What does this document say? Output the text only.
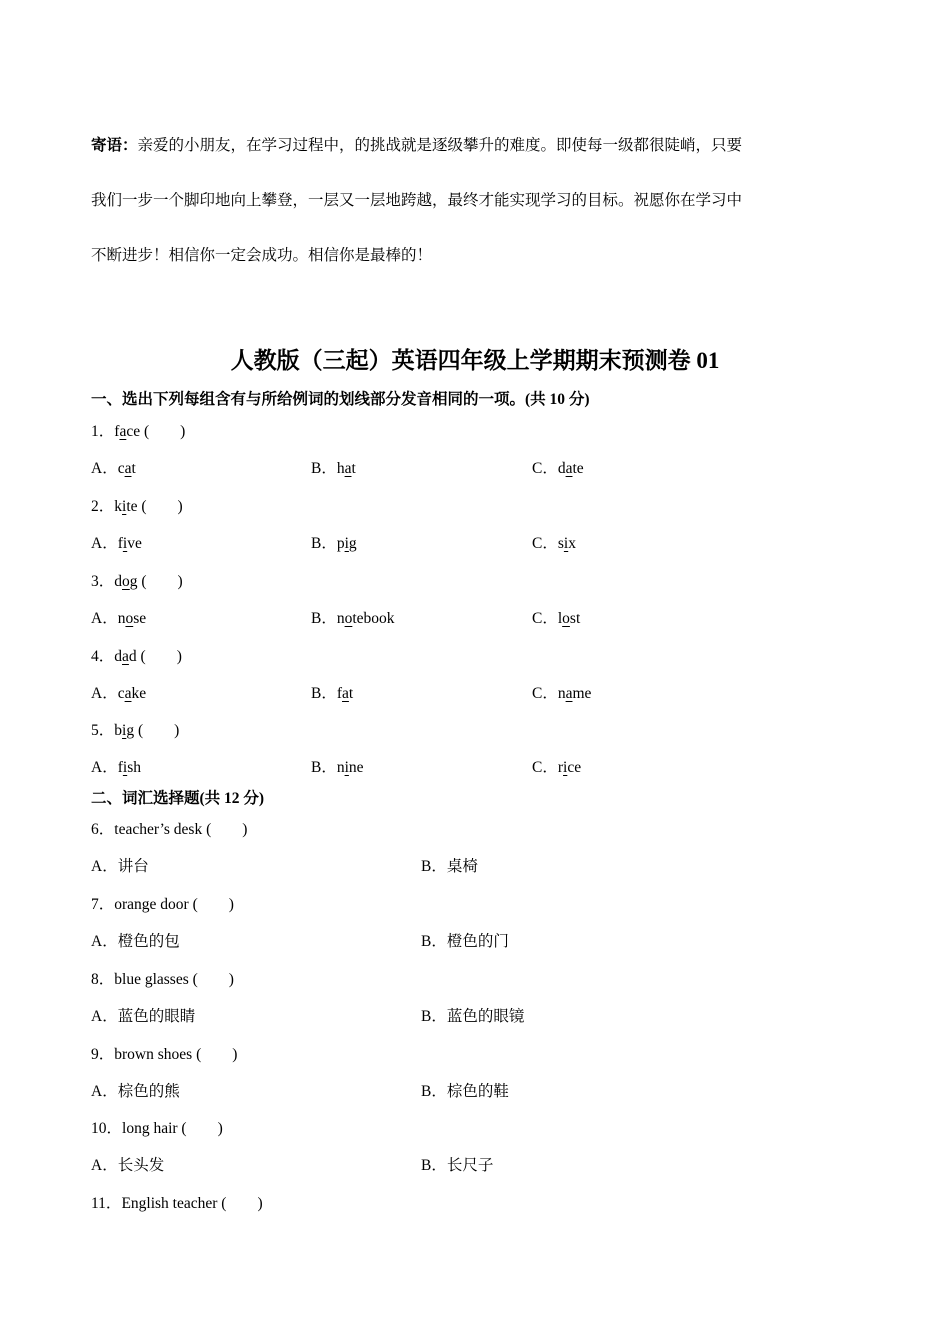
寄语：亲爱的小朋友，在学习过程中，的挑战就是逐级攀升的难度。即使每一级都很陡峭，只要
我们一步一个脚印地向上攀登，一层又一层地跨越，最终才能实现学习的目标。祝愿你在学习中
不断进步！相信你一定会成功。相信你是最棒的！
人教版（三起）英语四年级上学期期末预测卷 01
一、选出下列每组含有与所给例词的划线部分发音相同的一项。(共 10 分)
1．face (　　)
A．cat	B．hat	C．date
2．kite (　　)
A．five	B．pig	C．six
3．dog (　　)
A．nose	B．notebook	C．lost
4．dad (　　)
A．cake	B．fat	C．name
5．big (　　)
A．fish	B．nine	C．rice
二、词汇选择题(共 12 分)
6．teacher’s desk (　　)
A．讲台	B．桌椅
7．orange door (　　)
A．橙色的包	B．橙色的门
8．blue glasses (　　)
A．蓝色的眼睛	B．蓝色的眼镜
9．brown shoes (　　)
A．棕色的熊	B．棕色的鞋
10．long hair (　　)
A．长头发	B．长尺子
11．English teacher (　　)
